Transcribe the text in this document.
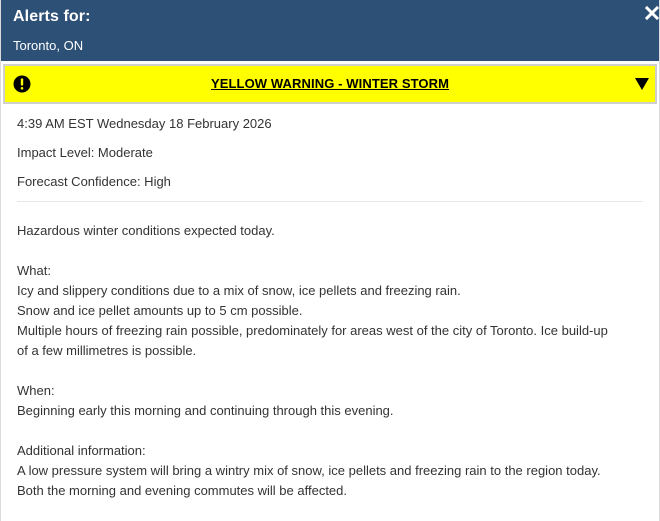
Alerts for:
Toronto, ON
YELLOW WARNING - WINTER STORM

4:39 AM EST Wednesday 18 February 2026

Impact Level: Moderate

Forecast Confidence: High

Hazardous winter conditions expected today.

What:

Icy and slippery conditions due to a mix of snow, ice pellets and freezing rain.

Snow and ice pellet amounts up to 5 cm possible.

Multiple hours of freezing rain possible, predominately for areas west of the city of Toronto. Ice build-up

of a few millimetres is possible.

When:

Beginning early this morning and continuing through this evening.

Additional information:

A low pressure system will bring a wintry mix of snow, ice pellets and freezing rain to the region today.

Both the morning and evening commutes will be affected.
